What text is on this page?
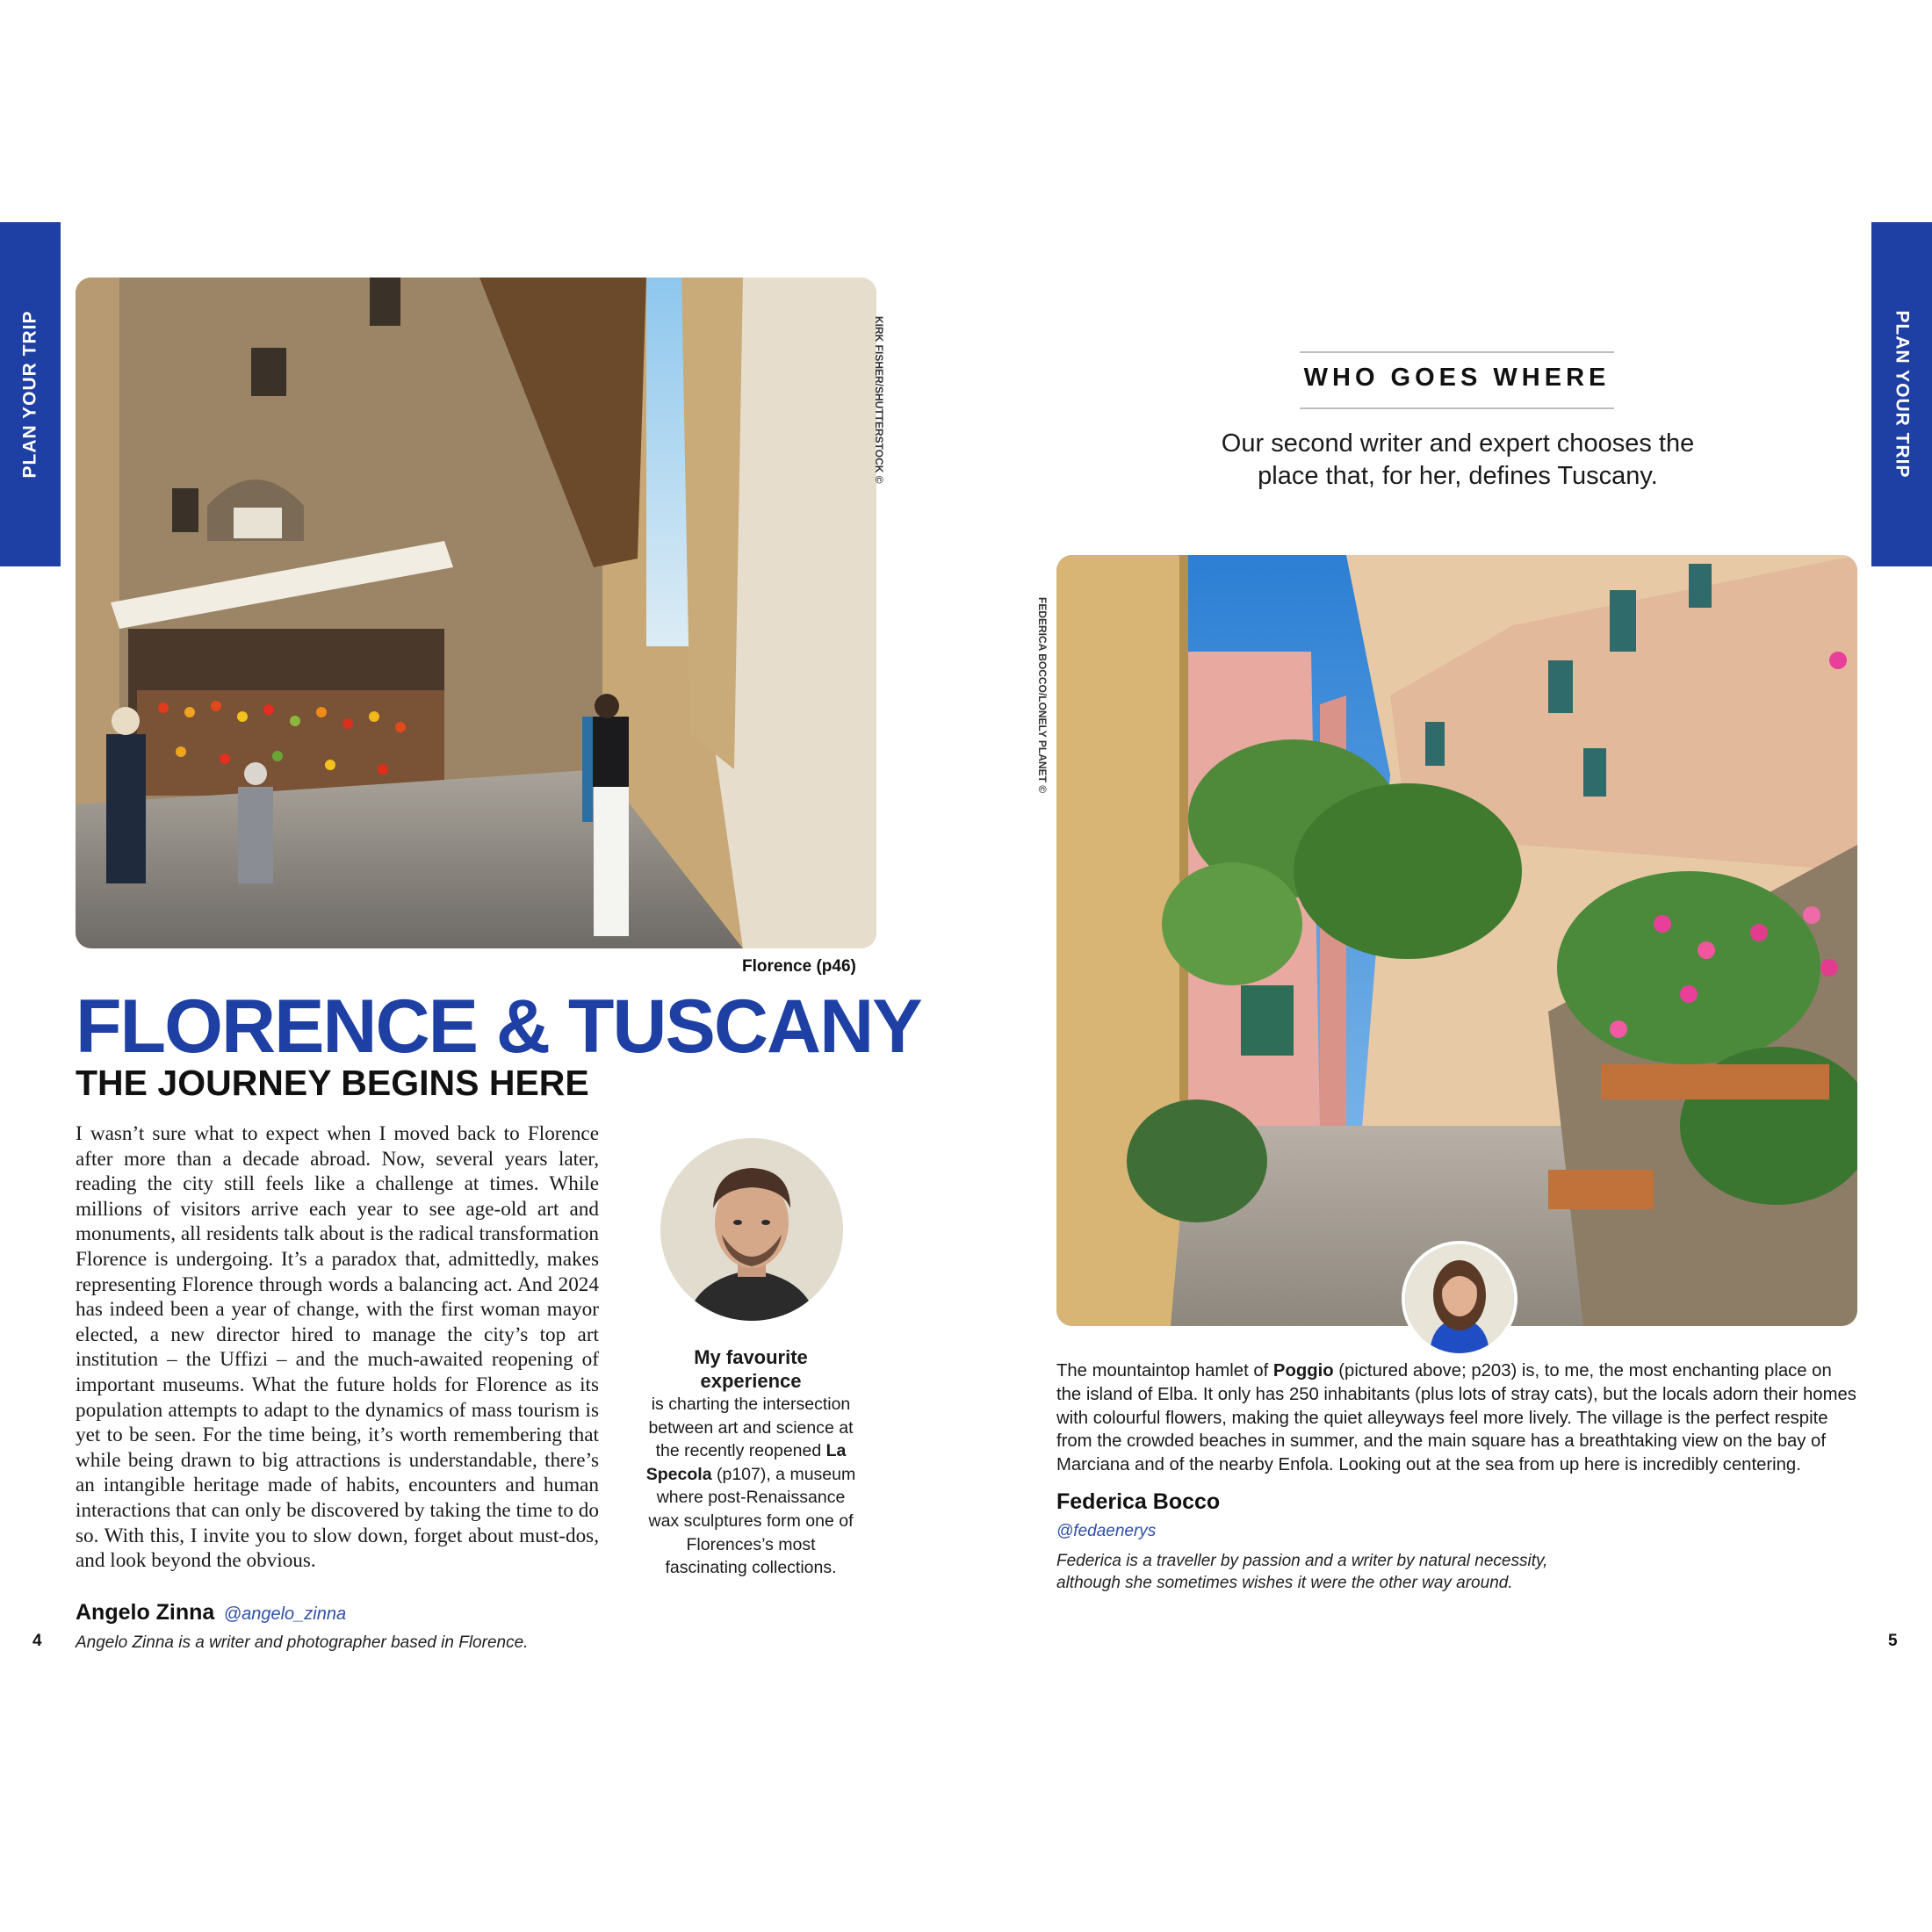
PLAN YOUR TRIP	PLAN YOUR TRIP
KIRK FISHER/SHUTTERSTOCK ©
Florence (p46)
FLORENCE & TUSCANY
THE JOURNEY BEGINS HERE
I wasn’t sure what to expect when I moved back to Florence after more than a decade abroad. Now, several years later, reading the city still feels like a challenge at times. While millions of visitors arrive each year to see age-old art and monuments, all residents talk about is the radical transformation Florence is undergoing. It’s a paradox that, admittedly, makes representing Florence through words a balancing act. And 2024 has indeed been a year of change, with the first woman mayor elected, a new director hired to manage the city’s top art institution – the Uffizi – and the much-awaited reopening of important museums. What the future holds for Florence as its population attempts to adapt to the dynamics of mass tourism is yet to be seen. For the time being, it’s worth remembering that while being drawn to big attractions is understandable, there’s an intangible heritage made of habits, encounters and human interactions that can only be discovered by taking the time to do so. With this, I invite you to slow down, forget about must-dos, and look beyond the obvious.
Angelo Zinna @angelo_zinna
Angelo Zinna is a writer and photographer based in Florence.
4
My favourite experience
is charting the intersection between art and science at the recently reopened La Specola (p107), a museum where post-Renaissance wax sculptures form one of Florences’s most fascinating collections.
WHO GOES WHERE
Our second writer and expert chooses the place that, for her, defines Tuscany.
FEDERICA BOCCO/LONELY PLANET ©
The mountaintop hamlet of Poggio (pictured above; p203) is, to me, the most enchanting place on the island of Elba. It only has 250 inhabitants (plus lots of stray cats), but the locals adorn their homes with colourful flowers, making the quiet alleyways feel more lively. The village is the perfect respite from the crowded beaches in summer, and the main square has a breathtaking view on the bay of Marciana and of the nearby Enfola. Looking out at the sea from up here is incredibly centering.
Federica Bocco
@fedaenerys
Federica is a traveller by passion and a writer by natural necessity, although she sometimes wishes it were the other way around.
5
